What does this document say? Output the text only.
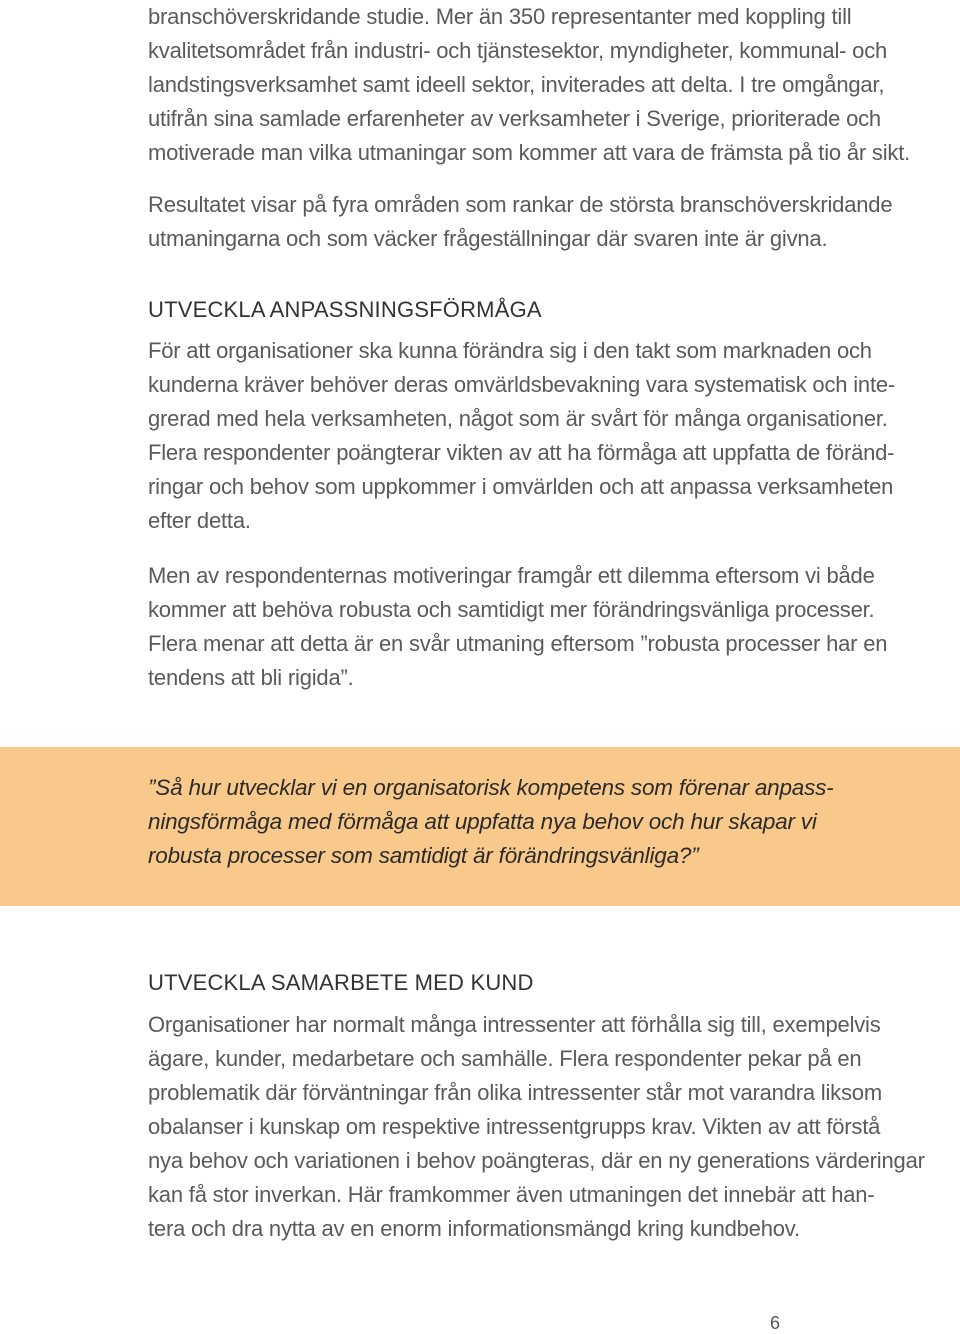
branschöverskridande studie. Mer än 350 representanter med koppling till
kvalitetsområdet från industri- och tjänstesektor, myndigheter, kommunal- och
landstingsverksamhet samt ideell sektor, inviterades att delta. I tre omgångar,
utifrån sina samlade erfarenheter av verksamheter i Sverige, prioriterade och
motiverade man vilka utmaningar som kommer att vara de främsta på tio år sikt.

Resultatet visar på fyra områden som rankar de största branschöverskridande
utmaningarna och som väcker frågeställningar där svaren inte är givna.

UTVECKLA ANPASSNINGSFÖRMÅGA

För att organisationer ska kunna förändra sig i den takt som marknaden och
kunderna kräver behöver deras omvärldsbevakning vara systematisk och inte-
grerad med hela verksamheten, något som är svårt för många organisationer.
Flera respondenter poängterar vikten av att ha förmåga att uppfatta de föränd-
ringar och behov som uppkommer i omvärlden och att anpassa verksamheten
efter detta.

Men av respondenternas motiveringar framgår ett dilemma eftersom vi både
kommer att behöva robusta och samtidigt mer förändringsvänliga processer.
Flera menar att detta är en svår utmaning eftersom ”robusta processer har en
tendens att bli rigida”.

”Så hur utvecklar vi en organisatorisk kompetens som förenar anpass-
ningsförmåga med förmåga att uppfatta nya behov och hur skapar vi
robusta processer som samtidigt är förändringsvänliga?”

UTVECKLA SAMARBETE MED KUND

Organisationer har normalt många intressenter att förhålla sig till, exempelvis
ägare, kunder, medarbetare och samhälle. Flera respondenter pekar på en
problematik där förväntningar från olika intressenter står mot varandra liksom
obalanser i kunskap om respektive intressentgrupps krav. Vikten av att förstå
nya behov och variationen i behov poängteras, där en ny generations värderingar
kan få stor inverkan. Här framkommer även utmaningen det innebär att han-
tera och dra nytta av en enorm informationsmängd kring kundbehov.

6
